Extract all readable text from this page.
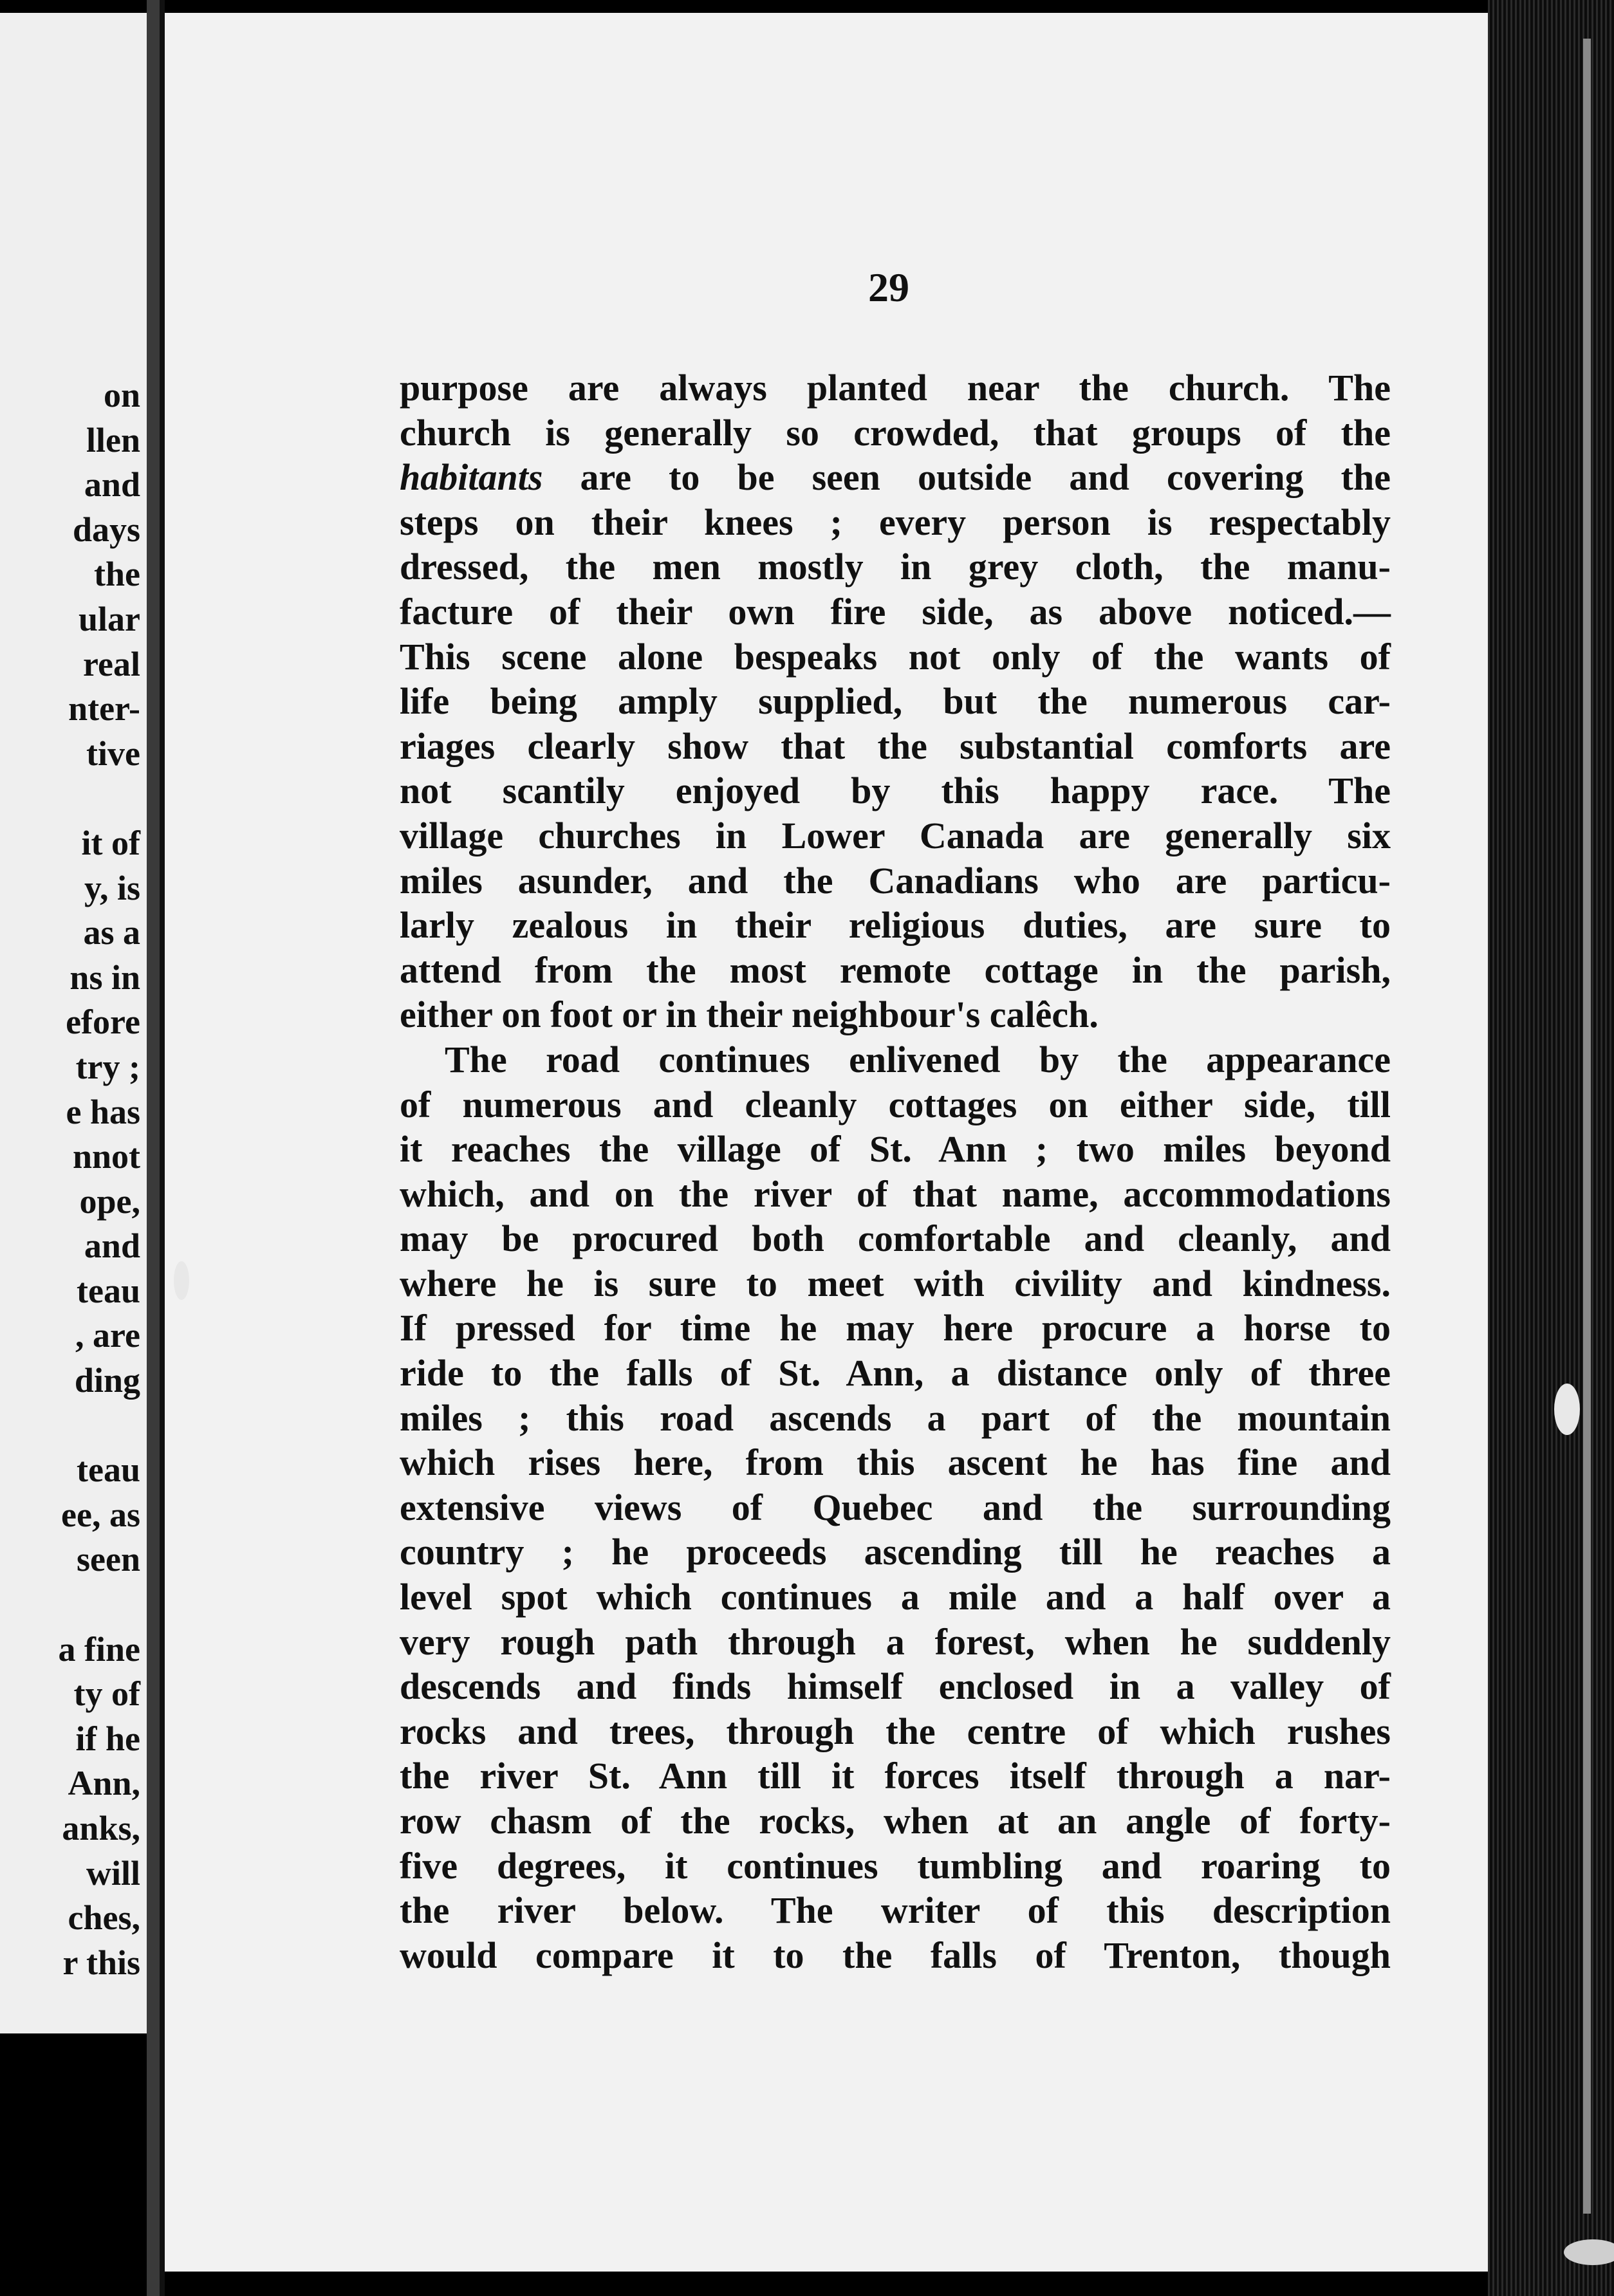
on
llen
and
days
the
ular
real
nter-
tive
it of
y, is
as a
ns in
efore
try ;
e has
nnot
ope,
and
teau
, are
ding
teau
ee, as
seen
a fine
ty of
if he
Ann,
anks,
will
ches,
r this
29
purpose are always planted near the church. The
church is generally so crowded, that groups of the
habitants are to be seen outside and covering the
steps on their knees ; every person is respectably
dressed, the men mostly in grey cloth, the manu-
facture of their own fire side, as above noticed.—
This scene alone bespeaks not only of the wants of
life being amply supplied, but the numerous car-
riages clearly show that the substantial comforts are
not scantily enjoyed by this happy race. The
village churches in Lower Canada are generally six
miles asunder, and the Canadians who are particu-
larly zealous in their religious duties, are sure to
attend from the most remote cottage in the parish,
either on foot or in their neighbour's calêch.
The road continues enlivened by the appearance
of numerous and cleanly cottages on either side, till
it reaches the village of St. Ann ; two miles beyond
which, and on the river of that name, accommodations
may be procured both comfortable and cleanly, and
where he is sure to meet with civility and kindness.
If pressed for time he may here procure a horse to
ride to the falls of St. Ann, a distance only of three
miles ; this road ascends a part of the mountain
which rises here, from this ascent he has fine and
extensive views of Quebec and the surrounding
country ; he proceeds ascending till he reaches a
level spot which continues a mile and a half over a
very rough path through a forest, when he suddenly
descends and finds himself enclosed in a valley of
rocks and trees, through the centre of which rushes
the river St. Ann till it forces itself through a nar-
row chasm of the rocks, when at an angle of forty-
five degrees, it continues tumbling and roaring to
the river below. The writer of this description
would compare it to the falls of Trenton, though
